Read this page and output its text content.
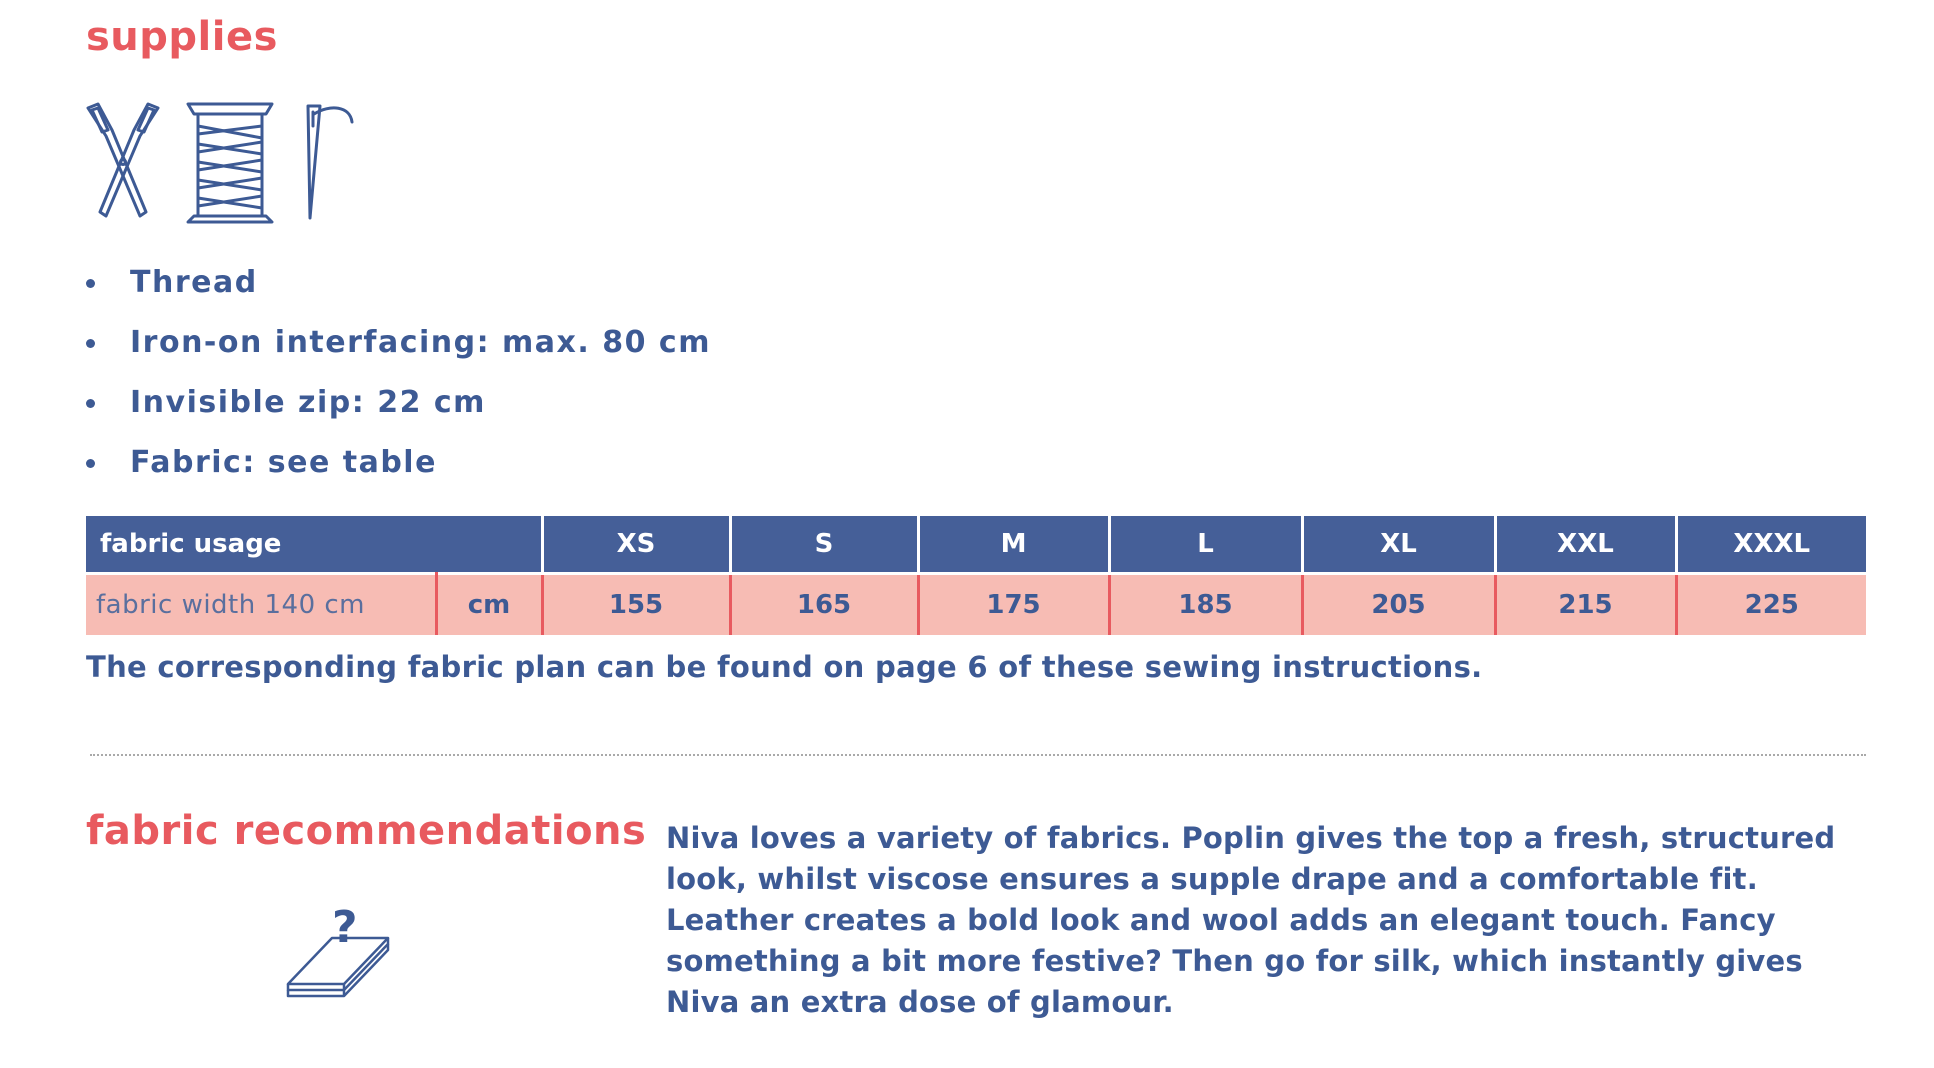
supplies
Thread
Iron-on interfacing: max. 80 cm
Invisible zip: 22 cm
Fabric: see table
fabric usage		XS	S	M	L	XL	XXL	XXXL
fabric width 140 cm	cm	155	165	175	185	205	215	225

The corresponding fabric plan can be found on page 6 of these sewing instructions.

fabric recommendations
?

Niva loves a variety of fabrics. Poplin gives the top a fresh, structured look, whilst viscose ensures a supple drape and a comfortable fit. Leather creates a bold look and wool adds an elegant touch. Fancy something a bit more festive? Then go for silk, which instantly gives Niva an extra dose of glamour.
